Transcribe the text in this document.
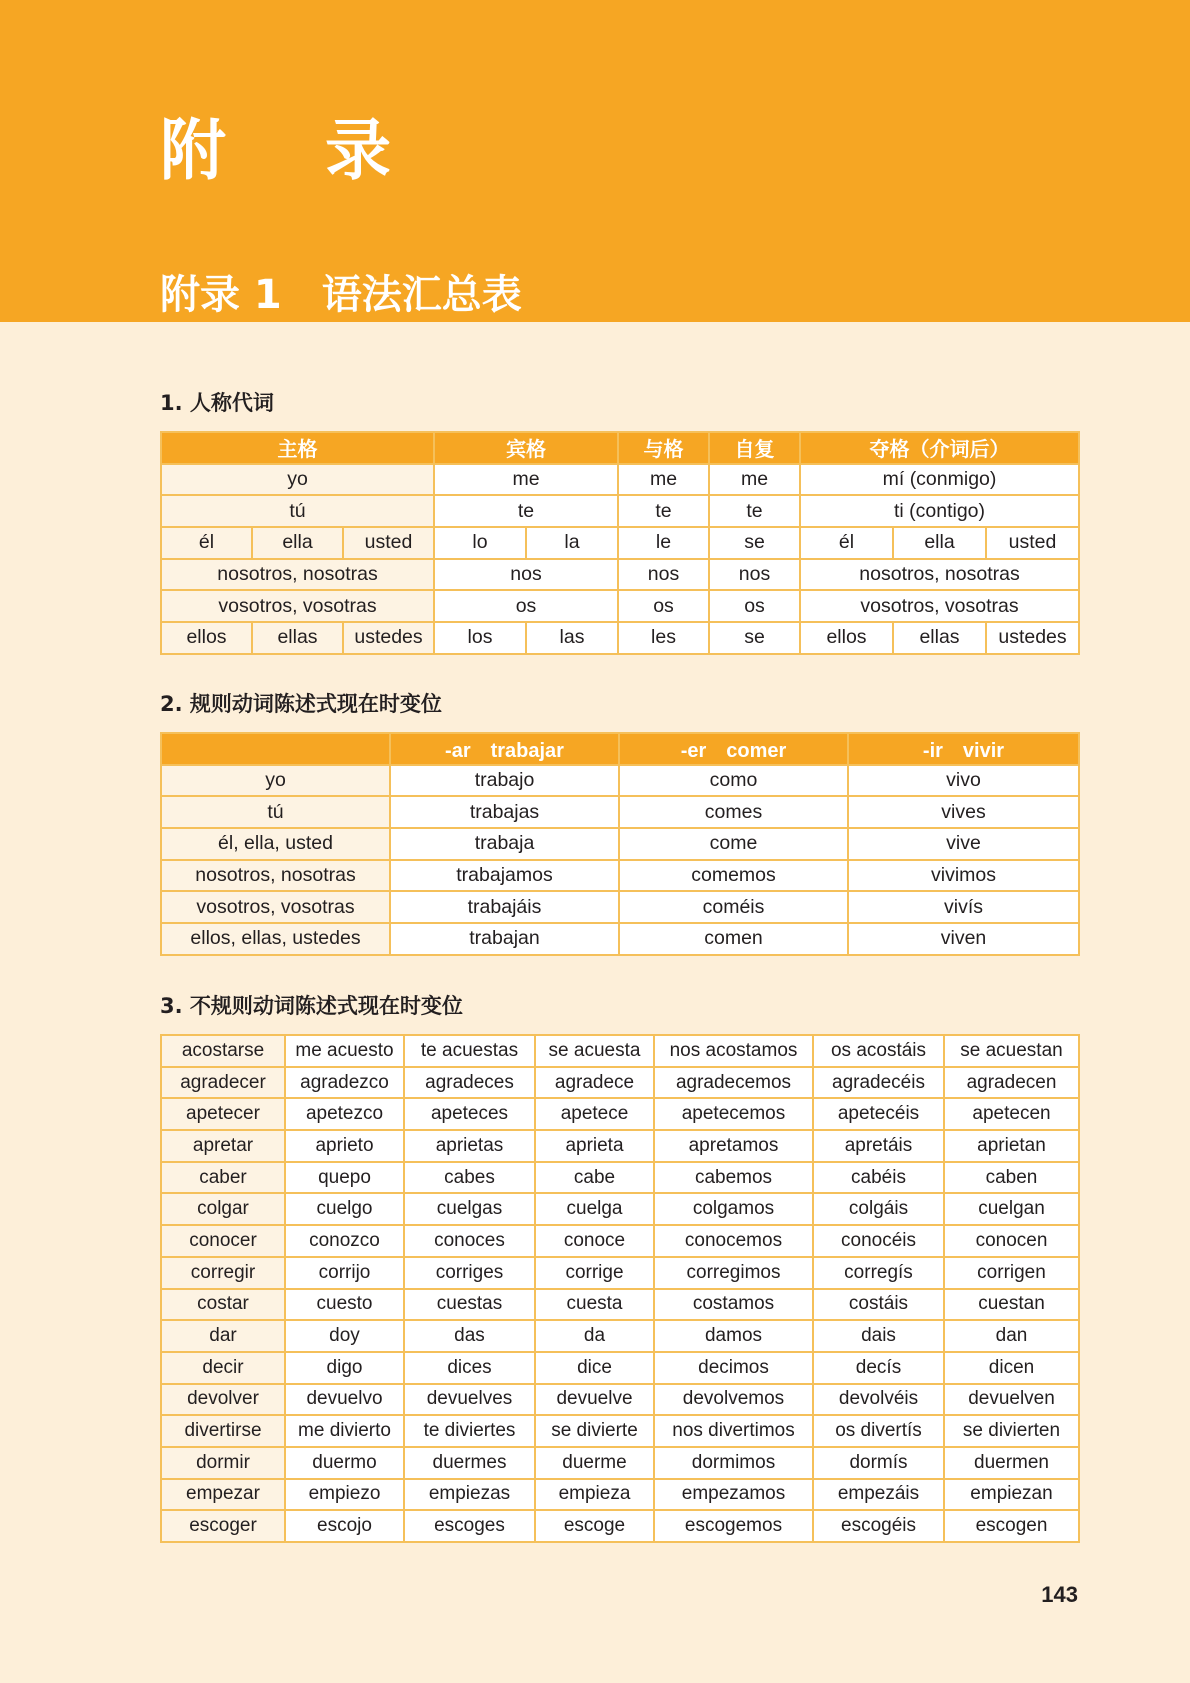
附 录
附录 1　语法汇总表
1. 人称代词
主格			宾格		与格	自复	夺格（介词后）		
yo			me		me	me	mí (conmigo)		
tú			te		te	te	ti (contigo)		
él	ella	usted	lo	la	le	se	él	ella	usted
nosotros, nosotras			nos		nos	nos	nosotros, nosotras		
vosotros, vosotras			os		os	os	vosotros, vosotras		
ellos	ellas	ustedes	los	las	les	se	ellos	ellas	ustedes
2. 规则动词陈述式现在时变位
	-ar　trabajar	-er　comer	-ir　vivir
yo	trabajo	como	vivo
tú	trabajas	comes	vives
él, ella, usted	trabaja	come	vive
nosotros, nosotras	trabajamos	comemos	vivimos
vosotros, vosotras	trabajáis	coméis	vivís
ellos, ellas, ustedes	trabajan	comen	viven
3. 不规则动词陈述式现在时变位
acostarse	me acuesto	te acuestas	se acuesta	nos acostamos	os acostáis	se acuestan
agradecer	agradezco	agradeces	agradece	agradecemos	agradecéis	agradecen
apetecer	apetezco	apeteces	apetece	apetecemos	apetecéis	apetecen
apretar	aprieto	aprietas	aprieta	apretamos	apretáis	aprietan
caber	quepo	cabes	cabe	cabemos	cabéis	caben
colgar	cuelgo	cuelgas	cuelga	colgamos	colgáis	cuelgan
conocer	conozco	conoces	conoce	conocemos	conocéis	conocen
corregir	corrijo	corriges	corrige	corregimos	corregís	corrigen
costar	cuesto	cuestas	cuesta	costamos	costáis	cuestan
dar	doy	das	da	damos	dais	dan
decir	digo	dices	dice	decimos	decís	dicen
devolver	devuelvo	devuelves	devuelve	devolvemos	devolvéis	devuelven
divertirse	me divierto	te diviertes	se divierte	nos divertimos	os divertís	se divierten
dormir	duermo	duermes	duerme	dormimos	dormís	duermen
empezar	empiezo	empiezas	empieza	empezamos	empezáis	empiezan
escoger	escojo	escoges	escoge	escogemos	escogéis	escogen
143
